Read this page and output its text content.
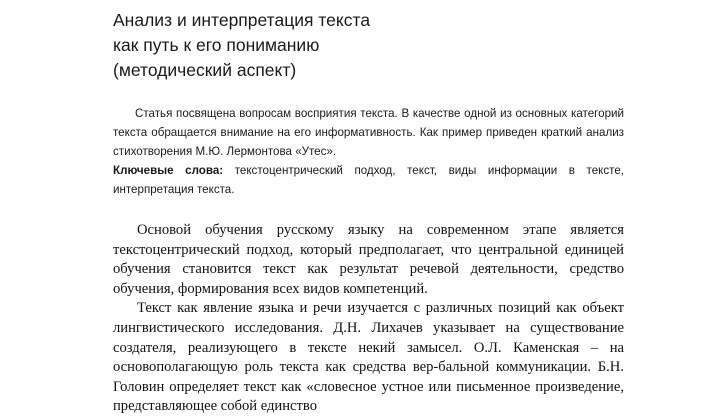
Анализ и интерпретация текста
как путь к его пониманию
(методический аспект)

Статья посвящена вопросам восприятия текста. В качестве одной из основных категорий текста обращается внимание на его информативность. Как пример приведен краткий анализ стихотворения М.Ю. Лермонтова «Утес».

Ключевые слова: текстоцентрический подход, текст, виды информации в тексте, интерпретация текста.

Основой обучения русскому языку на современном этапе является текстоцентрический подход, который предполагает, что центральной единицей обучения становится текст как результат речевой деятельности, средство обучения, формирования всех видов компетенций.

Текст как явление языка и речи изучается с различных позиций как объект лингвистического исследования. Д.Н. Лихачев указывает на существование создателя, реализующего в тексте некий замысел. О.Л. Каменская – на основополагающую роль текста как средства вер-бальной коммуникации. Б.Н. Головин определяет текст как «словесное устное или письменное произведение, представляющее собой единство
